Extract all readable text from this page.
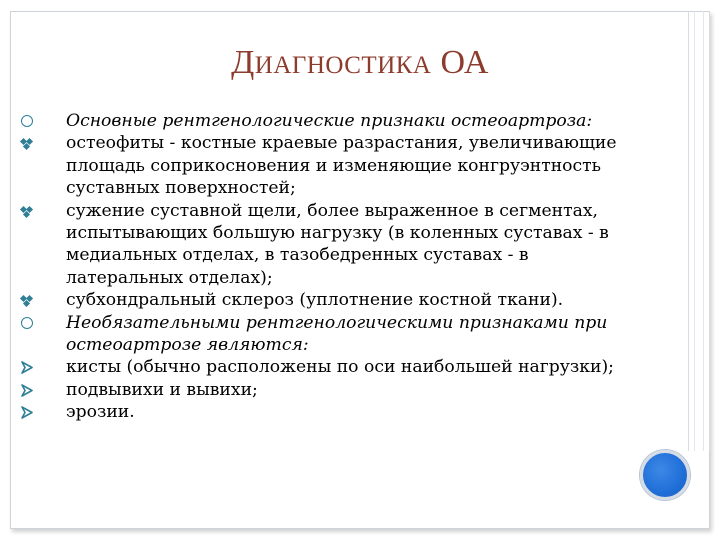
ДИАГНОСТИКА ОА
Основные рентгенологические признаки остеоартроза:
остеофиты - костные краевые разрастания, увеличивающие площадь соприкосновения и изменяющие конгруэнтность суставных поверхностей;
сужение суставной щели, более выраженное в сегментах, испытывающих большую нагрузку (в коленных суставах - в медиальных отделах, в тазобедренных суставах - в латеральных отделах);
субхондральный склероз (уплотнение костной ткани).
Необязательными рентгенологическими признаками при остеоартрозе являются:
кисты (обычно расположены по оси наибольшей нагрузки);
подвывихи и вывихи;
эрозии.
